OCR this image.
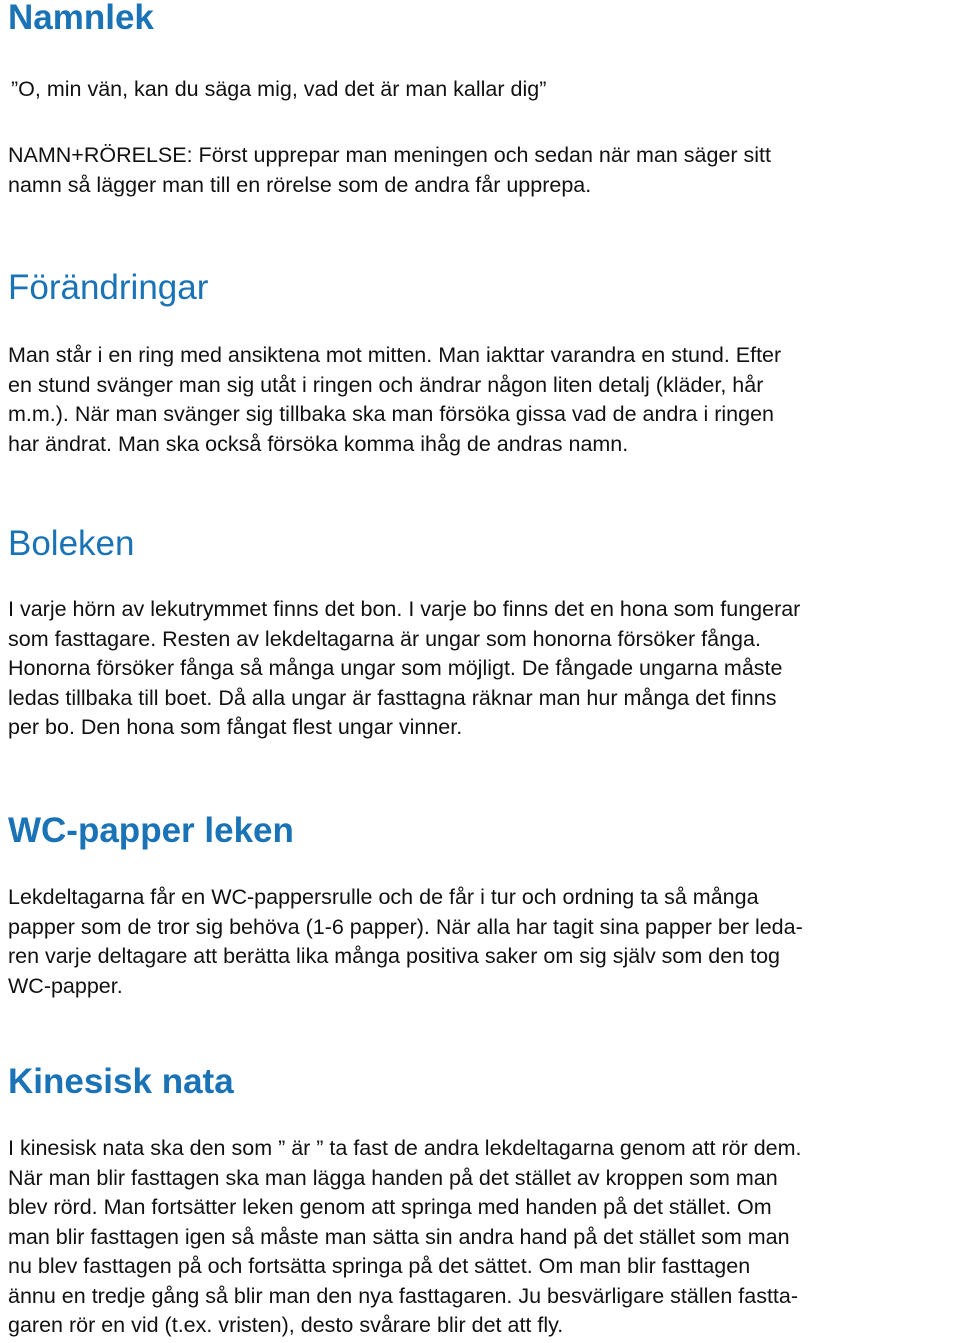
Namnlek

”O, min vän, kan du säga mig, vad det är man kallar dig”

NAMN+RÖRELSE: Först upprepar man meningen och sedan när man säger sitt
namn så lägger man till en rörelse som de andra får upprepa.

Förändringar

Man står i en ring med ansiktena mot mitten. Man iakttar varandra en stund. Efter
en stund svänger man sig utåt i ringen och ändrar någon liten detalj (kläder, hår
m.m.). När man svänger sig tillbaka ska man försöka gissa vad de andra i ringen
har ändrat. Man ska också försöka komma ihåg de andras namn.

Boleken

I varje hörn av lekutrymmet finns det bon. I varje bo finns det en hona som fungerar
som fasttagare. Resten av lekdeltagarna är ungar som honorna försöker fånga.
Honorna försöker fånga så många ungar som möjligt. De fångade ungarna måste
ledas tillbaka till boet. Då alla ungar är fasttagna räknar man hur många det finns
per bo. Den hona som fångat flest ungar vinner.

WC-papper leken

Lekdeltagarna får en WC-pappersrulle och de får i tur och ordning ta så många
papper som de tror sig behöva (1-6 papper). När alla har tagit sina papper ber leda-
ren varje deltagare att berätta lika många positiva saker om sig själv som den tog
WC-papper.

Kinesisk nata

I kinesisk nata ska den som ” är ” ta fast de andra lekdeltagarna genom att rör dem.
När man blir fasttagen ska man lägga handen på det stället av kroppen som man
blev rörd. Man fortsätter leken genom att springa med handen på det stället. Om
man blir fasttagen igen så måste man sätta sin andra hand på det stället som man
nu blev fasttagen på och fortsätta springa på det sättet. Om man blir fasttagen
ännu en tredje gång så blir man den nya fasttagaren. Ju besvärligare ställen fastta-
garen rör en vid (t.ex. vristen), desto svårare blir det att fly.
